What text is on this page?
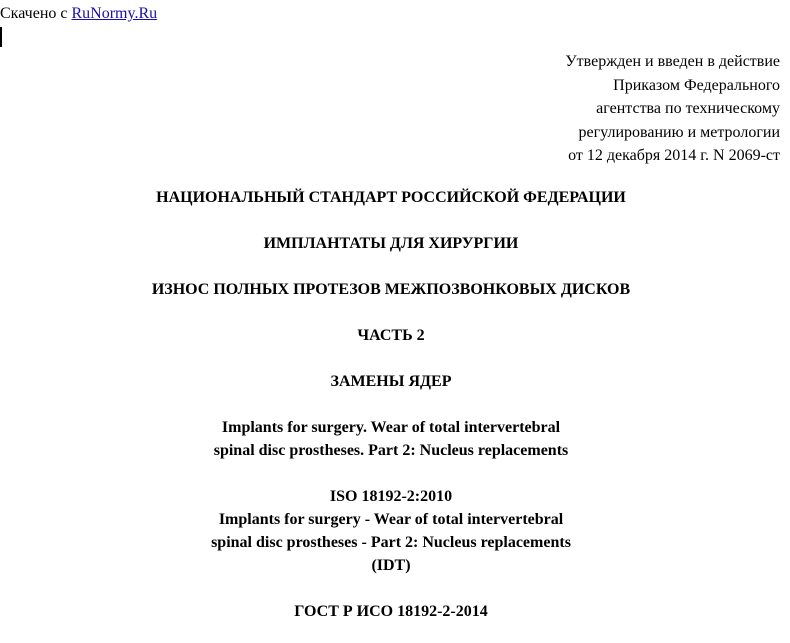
Скачено с RuNormy.Ru
Утвержден и введен в действие
Приказом Федерального
агентства по техническому
регулированию и метрологии
от 12 декабря 2014 г. N 2069-ст
НАЦИОНАЛЬНЫЙ СТАНДАРТ РОССИЙСКОЙ ФЕДЕРАЦИИ
ИМПЛАНТАТЫ ДЛЯ ХИРУРГИИ
ИЗНОС ПОЛНЫХ ПРОТЕЗОВ МЕЖПОЗВОНКОВЫХ ДИСКОВ
ЧАСТЬ 2
ЗАМЕНЫ ЯДЕР
Implants for surgery. Wear of total intervertebral
spinal disc prostheses. Part 2: Nucleus replacements
ISO 18192-2:2010
Implants for surgery - Wear of total intervertebral
spinal disc prostheses - Part 2: Nucleus replacements
(IDT)
ГОСТ Р ИСО 18192-2-2014
